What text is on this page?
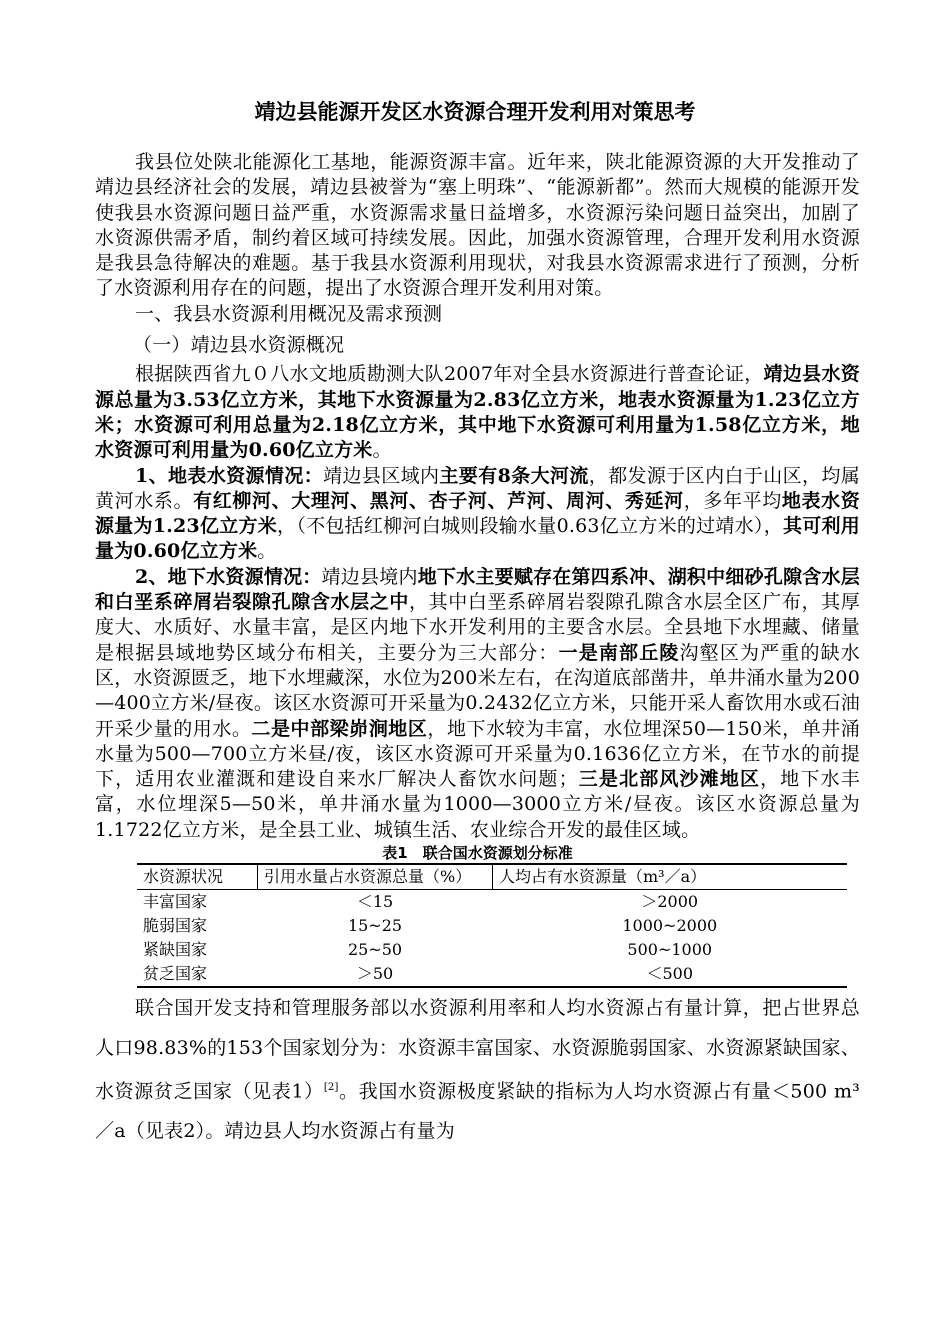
靖边县能源开发区水资源合理开发利用对策思考

我县位处陕北能源化工基地，能源资源丰富。近年来，陕北能源资源的大开发推动了靖边县经济社会的发展，靖边县被誉为“塞上明珠”、“能源新都”。然而大规模的能源开发使我县水资源问题日益严重，水资源需求量日益增多，水资源污染问题日益突出，加剧了水资源供需矛盾，制约着区域可持续发展。因此，加强水资源管理，合理开发利用水资源是我县急待解决的难题。基于我县水资源利用现状，对我县水资源需求进行了预测，分析了水资源利用存在的问题，提出了水资源合理开发利用对策。

一、我县水资源利用概况及需求预测

（一）靖边县水资源概况

根据陕西省九０八水文地质勘测大队2007年对全县水资源进行普查论证，靖边县水资源总量为3.53亿立方米，其地下水资源量为2.83亿立方米，地表水资源量为1.23亿立方米；水资源可利用总量为2.18亿立方米，其中地下水资源可利用量为1.58亿立方米，地水资源可利用量为0.60亿立方米。

1、地表水资源情况：靖边县区域内主要有8条大河流，都发源于区内白于山区，均属黄河水系。有红柳河、大理河、黑河、杏子河、芦河、周河、秀延河，多年平均地表水资源量为1.23亿立方米，（不包括红柳河白城则段输水量0.63亿立方米的过靖水），其可利用量为0.60亿立方米。

2、地下水资源情况：靖边县境内地下水主要赋存在第四系冲、湖积中细砂孔隙含水层和白垩系碎屑岩裂隙孔隙含水层之中，其中白垩系碎屑岩裂隙孔隙含水层全区广布，其厚度大、水质好、水量丰富，是区内地下水开发利用的主要含水层。全县地下水埋藏、储量是根据县域地势区域分布相关，主要分为三大部分：一是南部丘陵沟壑区为严重的缺水区，水资源匮乏，地下水埋藏深，水位为200米左右，在沟道底部凿井，单井涌水量为200—400立方米/昼夜。该区水资源可开采量为0.2432亿立方米，只能开采人畜饮用水或石油开采少量的用水。二是中部梁峁涧地区，地下水较为丰富，水位埋深50—150米，单井涌水量为500—700立方米昼/夜，该区水资源可开采量为0.1636亿立方米，在节水的前提下，适用农业灌溉和建设自来水厂解决人畜饮水问题；三是北部风沙滩地区，地下水丰富，水位埋深5—50米，单井涌水量为1000—3000立方米/昼夜。该区水资源总量为1.1722亿立方米，是全县工业、城镇生活、农业综合开发的最佳区域。

表1　联合国水资源划分标准
水资源状况	引用水量占水资源总量（%）	人均占有水资源量（m³／a）
丰富国家	＜15	＞2000
脆弱国家	15~25	1000~2000
紧缺国家	25~50	500~1000
贫乏国家	＞50	＜500

联合国开发支持和管理服务部以水资源利用率和人均水资源占有量计算，把占世界总人口98.83%的153个国家划分为：水资源丰富国家、水资源脆弱国家、水资源紧缺国家、水资源贫乏国家（见表1）[2]。我国水资源极度紧缺的指标为人均水资源占有量＜500 m³／a（见表2）。靖边县人均水资源占有量为
